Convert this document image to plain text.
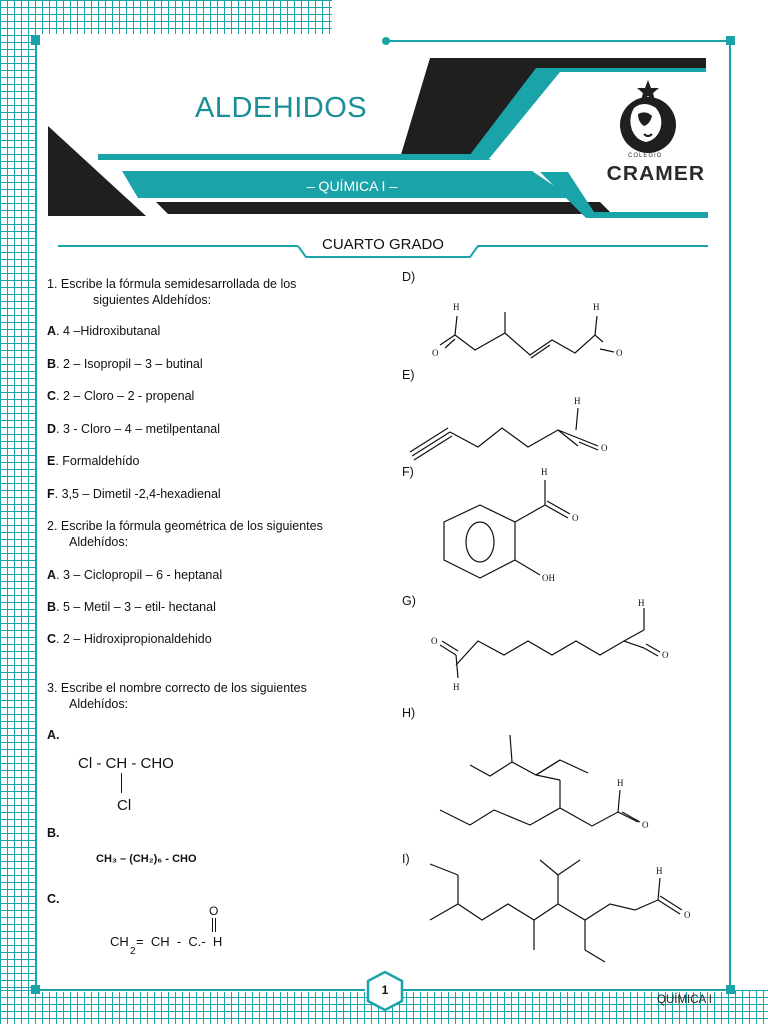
ALDEHIDOS
– QUÍMICA I –
CUARTO GRADO
COLEGIO
CRAMER
1. Escribe la fórmula semidesarrollada de los
siguientes Aldehídos:
A. 4 –Hidroxibutanal
B. 2 – Isopropil – 3 – butinal
C. 2 – Cloro – 2 - propenal
D. 3 - Cloro – 4 – metilpentanal
E. Formaldehído
F. 3,5 – Dimetil -2,4-hexadienal
2. Escribe la fórmula geométrica de los siguientes
Aldehídos:
A. 3 – Ciclopropil – 6 - heptanal
B. 5 – Metil – 3 – etil- hectanal
C. 2 – Hidroxipropionaldehido
3. Escribe el nombre correcto de los siguientes
Aldehídos:
A.
B.
C.
Cl - CH - CHO
Cl
CH₃ – (CH₂)₆ - CHO
O
CH  =  CH  -  C.-  H
2
D)
E)
F)
G)
H)
I)
H	H
O	O
H
O
H
O
OH
H
O
H
O
H
O
H
O
1
QUÍMICA I
